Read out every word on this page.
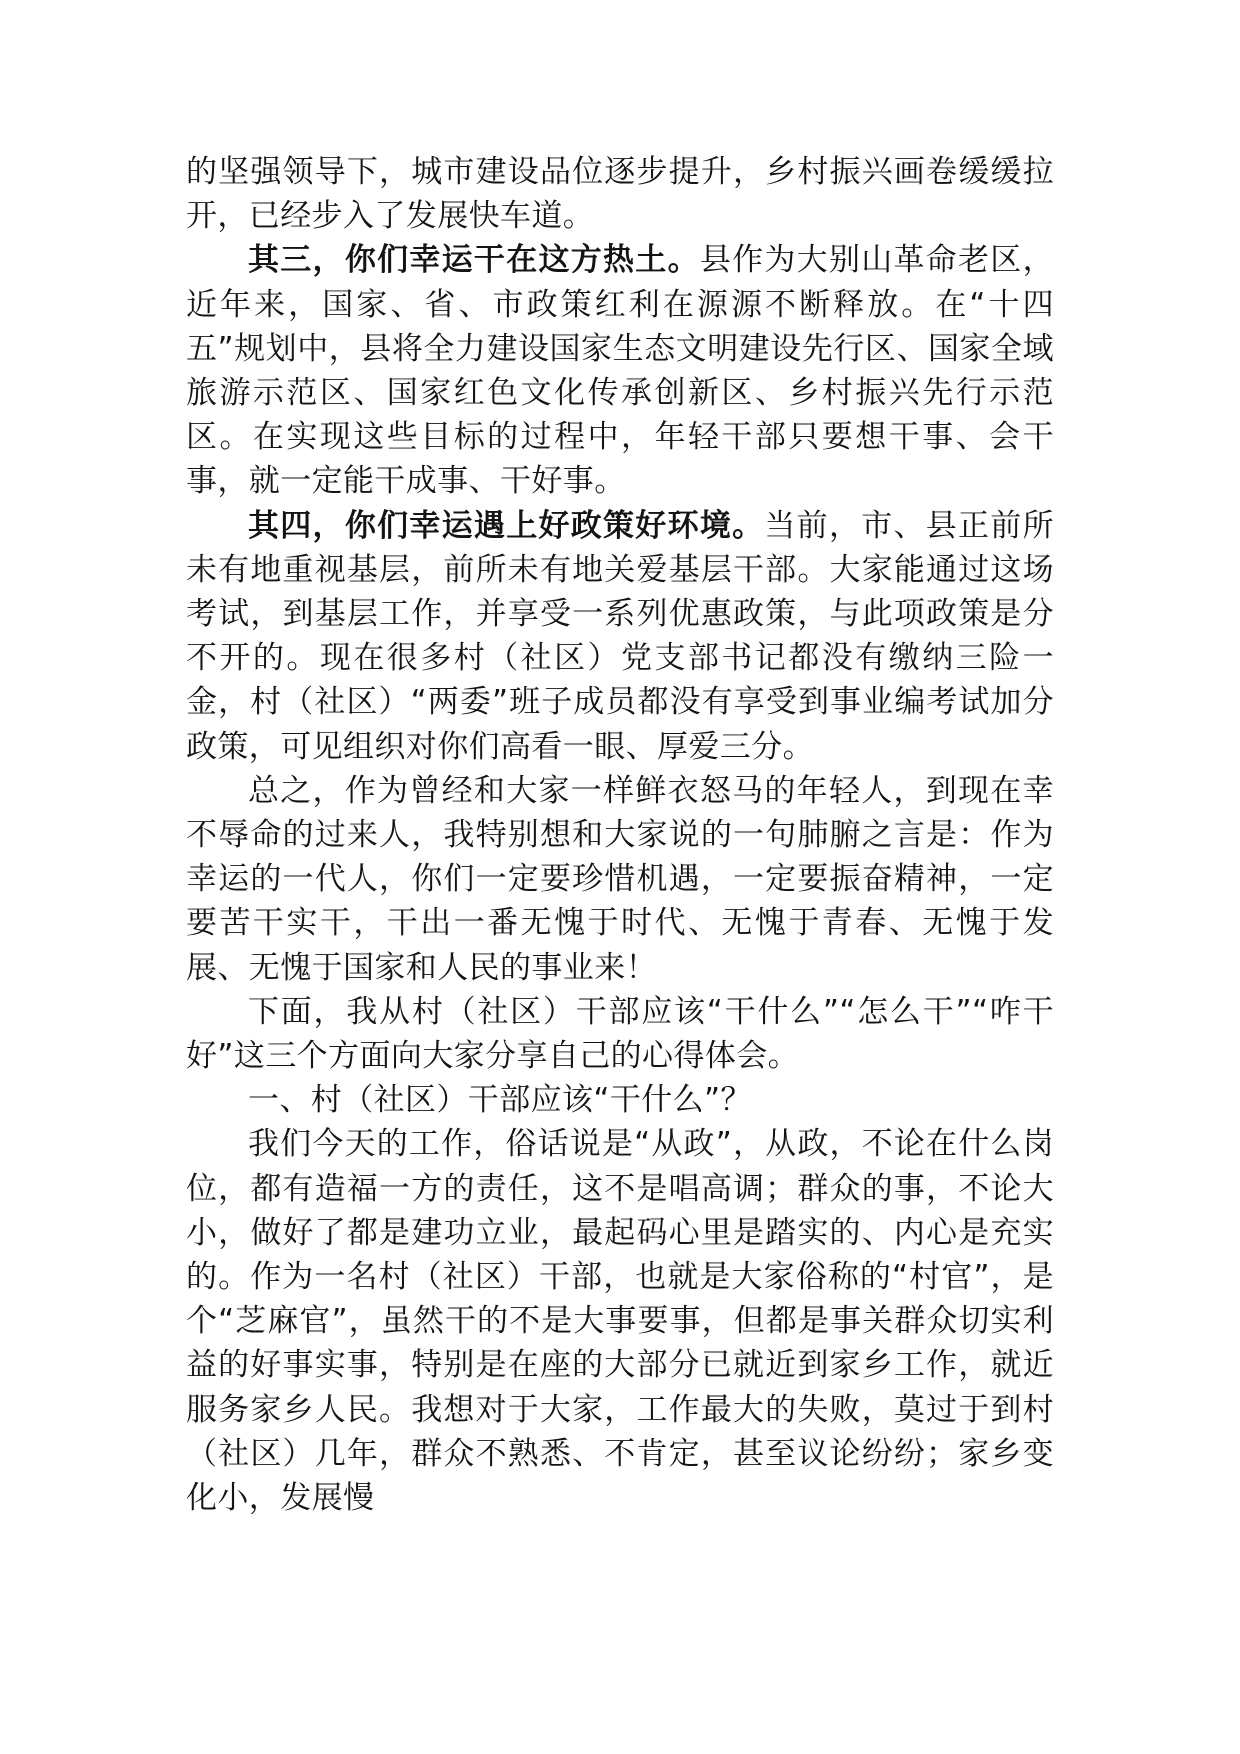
的坚强领导下，城市建设品位逐步提升，乡村振兴画卷缓缓拉开，已经步入了发展快车道。

其三，你们幸运干在这方热土。县作为大别山革命老区，近年来，国家、省、市政策红利在源源不断释放。在“十四五”规划中，县将全力建设国家生态文明建设先行区、国家全域旅游示范区、国家红色文化传承创新区、乡村振兴先行示范区。在实现这些目标的过程中，年轻干部只要想干事、会干事，就一定能干成事、干好事。

其四，你们幸运遇上好政策好环境。当前，市、县正前所未有地重视基层，前所未有地关爱基层干部。大家能通过这场考试，到基层工作，并享受一系列优惠政策，与此项政策是分不开的。现在很多村（社区）党支部书记都没有缴纳三险一金，村（社区）“两委”班子成员都没有享受到事业编考试加分政策，可见组织对你们高看一眼、厚爱三分。

总之，作为曾经和大家一样鲜衣怒马的年轻人，到现在幸不辱命的过来人，我特别想和大家说的一句肺腑之言是：作为幸运的一代人，你们一定要珍惜机遇，一定要振奋精神，一定要苦干实干，干出一番无愧于时代、无愧于青春、无愧于发展、无愧于国家和人民的事业来！

下面，我从村（社区）干部应该“干什么”“怎么干”“咋干好”这三个方面向大家分享自己的心得体会。

一、村（社区）干部应该“干什么”？

我们今天的工作，俗话说是“从政”，从政，不论在什么岗位，都有造福一方的责任，这不是唱高调；群众的事，不论大小，做好了都是建功立业，最起码心里是踏实的、内心是充实的。作为一名村（社区）干部，也就是大家俗称的“村官”，是个“芝麻官”，虽然干的不是大事要事，但都是事关群众切实利益的好事实事，特别是在座的大部分已就近到家乡工作，就近服务家乡人民。我想对于大家，工作最大的失败，莫过于到村（社区）几年，群众不熟悉、不肯定，甚至议论纷纷；家乡变化小，发展慢
